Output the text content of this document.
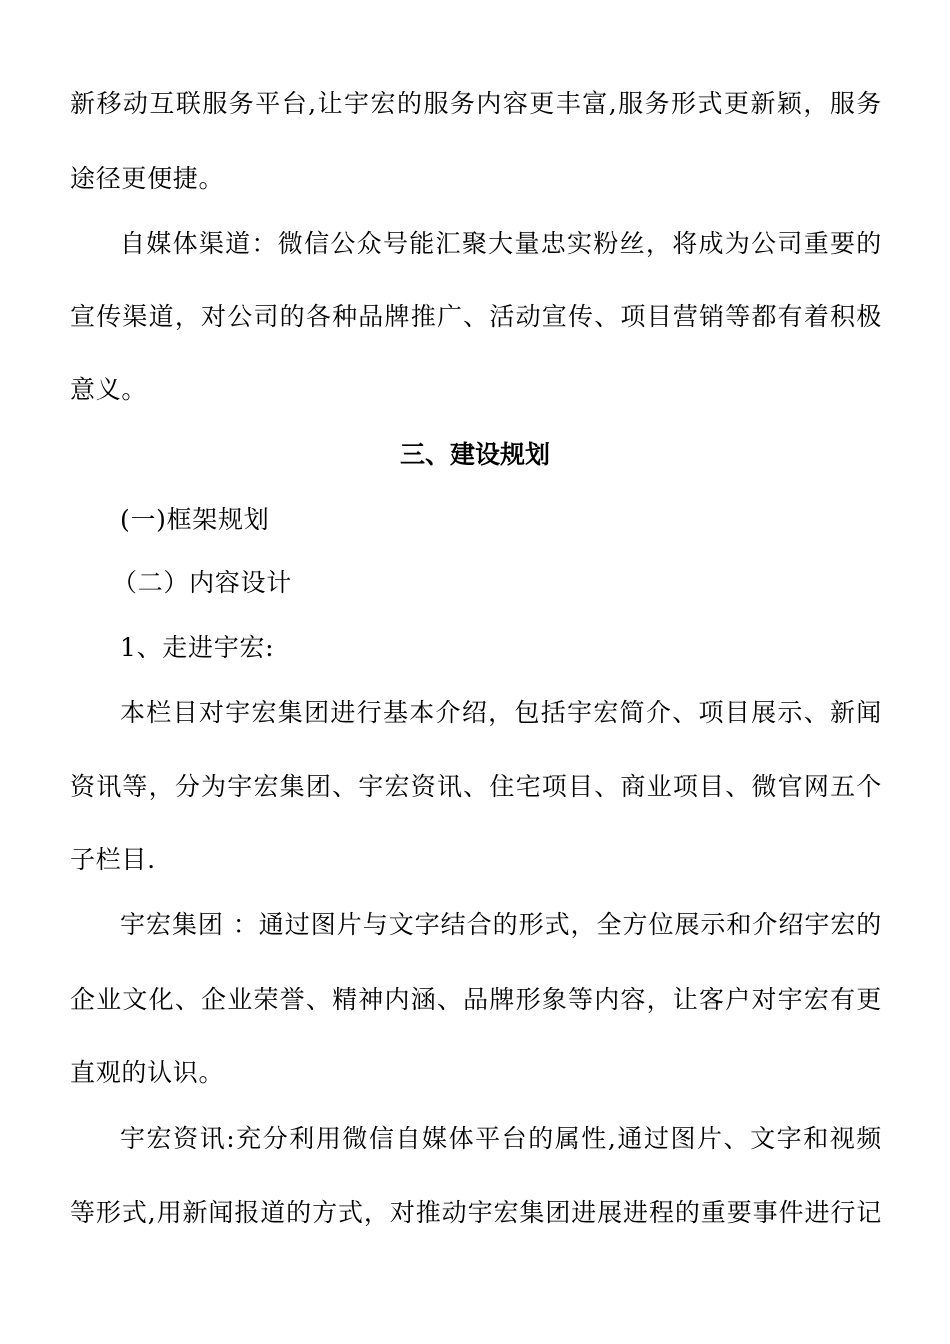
新移动互联服务平台,让宇宏的服务内容更丰富,服务形式更新颖，服务
途径更便捷。
自媒体渠道：微信公众号能汇聚大量忠实粉丝，将成为公司重要的
宣传渠道，对公司的各种品牌推广、活动宣传、项目营销等都有着积极
意义。
三、建设规划
(一)框架规划
（二）内容设计
1、走进宇宏:
本栏目对宇宏集团进行基本介绍，包括宇宏简介、项目展示、新闻
资讯等，分为宇宏集团、宇宏资讯、住宅项目、商业项目、微官网五个
子栏目.
宇宏集团 ：通过图片与文字结合的形式，全方位展示和介绍宇宏的
企业文化、企业荣誉、精神内涵、品牌形象等内容，让客户对宇宏有更
直观的认识。
宇宏资讯:充分利用微信自媒体平台的属性,通过图片、文字和视频
等形式,用新闻报道的方式，对推动宇宏集团进展进程的重要事件进行记
